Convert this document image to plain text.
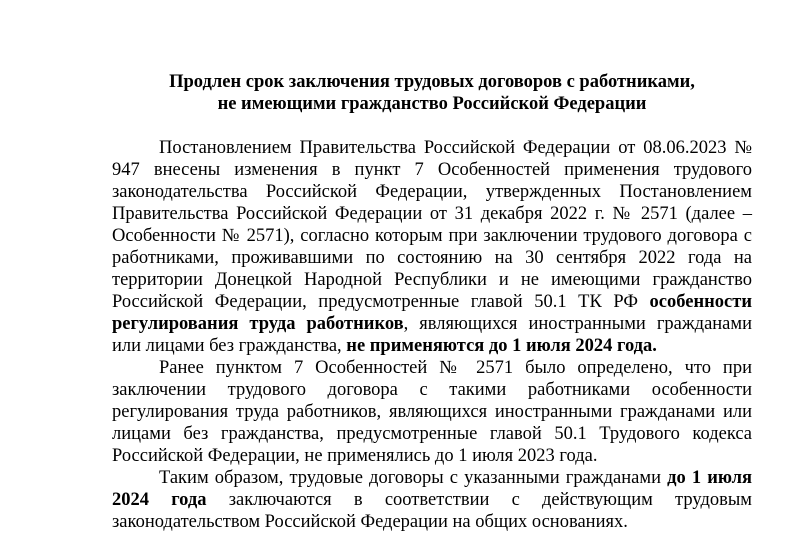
Продлен срок заключения трудовых договоров с работниками,
не имеющими гражданство Российской Федерации

Постановлением Правительства Российской Федерации от 08.06.2023 № 947 внесены изменения в пункт 7 Особенностей применения трудового законодательства Российской Федерации, утвержденных Постановлением Правительства Российской Федерации от 31 декабря 2022 г. № 2571 (далее – Особенности № 2571), согласно которым при заключении трудового договора с работниками, проживавшими по состоянию на 30 сентября 2022 года на территории Донецкой Народной Республики и не имеющими гражданство Российской Федерации, предусмотренные главой 50.1 ТК РФ особенности регулирования труда работников, являющихся иностранными гражданами или лицами без гражданства, не применяются до 1 июля 2024 года.

Ранее пунктом 7 Особенностей № 2571 было определено, что при заключении трудового договора с такими работниками особенности регулирования труда работников, являющихся иностранными гражданами или лицами без гражданства, предусмотренные главой 50.1 Трудового кодекса Российской Федерации, не применялись до 1 июля 2023 года.

Таким образом, трудовые договоры с указанными гражданами до 1 июля 2024 года заключаются в соответствии с действующим трудовым законодательством Российской Федерации на общих основаниях.
